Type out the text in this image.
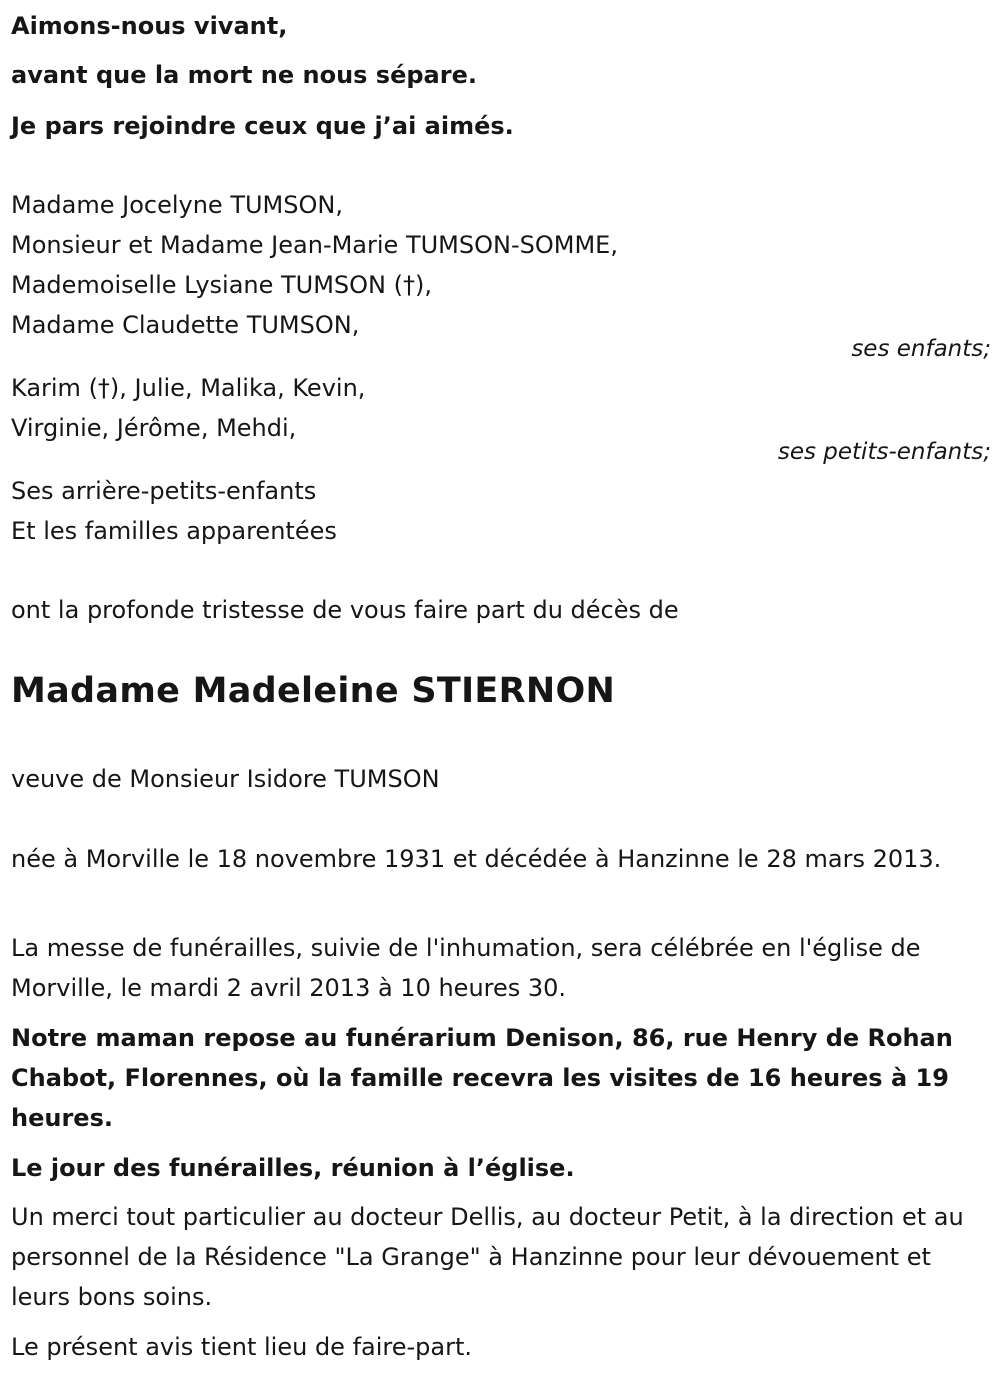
Aimons-nous vivant,
avant que la mort ne nous sépare.
Je pars rejoindre ceux que j’ai aimés.
Madame Jocelyne TUMSON,
Monsieur et Madame Jean-Marie TUMSON-SOMME,
Mademoiselle Lysiane TUMSON (†),
Madame Claudette TUMSON,
ses enfants;
Karim (†), Julie, Malika, Kevin,
Virginie, Jérôme, Mehdi,
ses petits-enfants;
Ses arrière-petits-enfants
Et les familles apparentées
ont la profonde tristesse de vous faire part du décès de
Madame Madeleine STIERNON
veuve de Monsieur Isidore TUMSON
née à Morville le 18 novembre 1931 et décédée à Hanzinne le 28 mars 2013.
La messe de funérailles, suivie de l'inhumation, sera célébrée en l'église de Morville, le mardi 2 avril 2013 à 10 heures 30.
Notre maman repose au funérarium Denison, 86, rue Henry de Rohan Chabot, Florennes, où la famille recevra les visites de 16 heures à 19 heures.
Le jour des funérailles, réunion à l’église.
Un merci tout particulier au docteur Dellis, au docteur Petit, à la direction et au personnel de la Résidence "La Grange" à Hanzinne pour leur dévouement et leurs bons soins.
Le présent avis tient lieu de faire-part.
